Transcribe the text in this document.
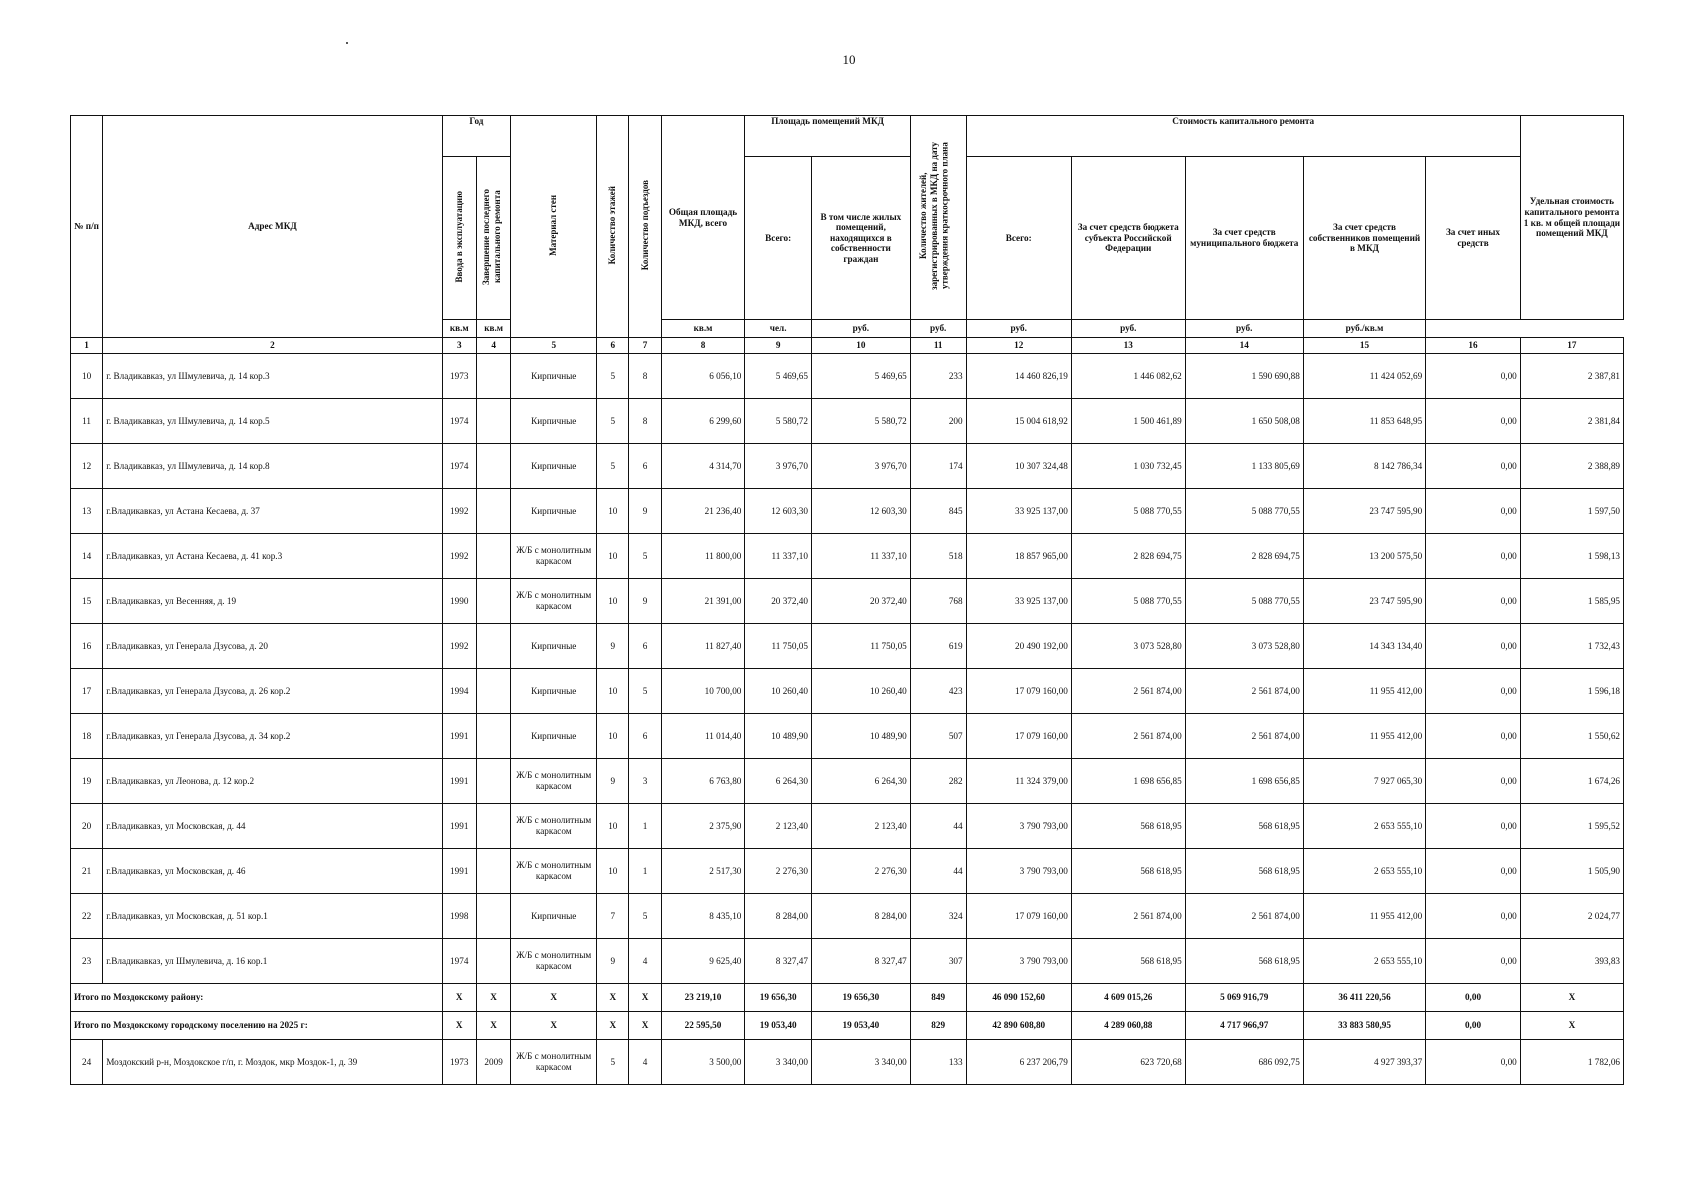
10
№ п/п	Адрес МКД	Год		Материал стен	Количество этажей	Количество подъездов	Общая площадь МКД, всего	Площадь помещений МКД		Количество жителей, зарегистрированных в МКД на дату утверждения краткосрочного плана	Стоимость капитального ремонта					Удельная стоимость капитального ремонта 1 кв. м общей площади помещений МКД
		Ввода в эксплуатацию	Завершение последнего капитального ремонта					Всего:	В том числе жилых помещений, находящихся в собственности граждан		Всего:	За счет средств бюджета субъекта Российской Федерации	За счет средств муниципального бюджета	За счет средств собственников помещений в МКД	За счет иных средств	
		кв.м	кв.м				кв.м	чел.	руб.	руб.	руб.	руб.	руб.	руб./кв.м		
1	2	3	4	5	6	7	8	9	10	11	12	13	14	15	16	17
10	г. Владикавказ, ул Шмулевича, д. 14 кор.3	1973		Кирпичные	5	8	6 056,10	5 469,65	5 469,65	233	14 460 826,19	1 446 082,62	1 590 690,88	11 424 052,69	0,00	2 387,81
11	г. Владикавказ, ул Шмулевича, д. 14 кор.5	1974		Кирпичные	5	8	6 299,60	5 580,72	5 580,72	200	15 004 618,92	1 500 461,89	1 650 508,08	11 853 648,95	0,00	2 381,84
12	г. Владикавказ, ул Шмулевича, д. 14 кор.8	1974		Кирпичные	5	6	4 314,70	3 976,70	3 976,70	174	10 307 324,48	1 030 732,45	1 133 805,69	8 142 786,34	0,00	2 388,89
13	г.Владикавказ, ул Астана Кесаева, д. 37	1992		Кирпичные	10	9	21 236,40	12 603,30	12 603,30	845	33 925 137,00	5 088 770,55	5 088 770,55	23 747 595,90	0,00	1 597,50
14	г.Владикавказ, ул Астана Кесаева, д. 41 кор.3	1992		Ж/Б с монолитным каркасом	10	5	11 800,00	11 337,10	11 337,10	518	18 857 965,00	2 828 694,75	2 828 694,75	13 200 575,50	0,00	1 598,13
15	г.Владикавказ, ул Весенняя, д. 19	1990		Ж/Б с монолитным каркасом	10	9	21 391,00	20 372,40	20 372,40	768	33 925 137,00	5 088 770,55	5 088 770,55	23 747 595,90	0,00	1 585,95
16	г.Владикавказ, ул Генерала Дзусова, д. 20	1992		Кирпичные	9	6	11 827,40	11 750,05	11 750,05	619	20 490 192,00	3 073 528,80	3 073 528,80	14 343 134,40	0,00	1 732,43
17	г.Владикавказ, ул Генерала Дзусова, д. 26 кор.2	1994		Кирпичные	10	5	10 700,00	10 260,40	10 260,40	423	17 079 160,00	2 561 874,00	2 561 874,00	11 955 412,00	0,00	1 596,18
18	г.Владикавказ, ул Генерала Дзусова, д. 34 кор.2	1991		Кирпичные	10	6	11 014,40	10 489,90	10 489,90	507	17 079 160,00	2 561 874,00	2 561 874,00	11 955 412,00	0,00	1 550,62
19	г.Владикавказ, ул Леонова, д. 12 кор.2	1991		Ж/Б с монолитным каркасом	9	3	6 763,80	6 264,30	6 264,30	282	11 324 379,00	1 698 656,85	1 698 656,85	7 927 065,30	0,00	1 674,26
20	г.Владикавказ, ул Московская, д. 44	1991		Ж/Б с монолитным каркасом	10	1	2 375,90	2 123,40	2 123,40	44	3 790 793,00	568 618,95	568 618,95	2 653 555,10	0,00	1 595,52
21	г.Владикавказ, ул Московская, д. 46	1991		Ж/Б с монолитным каркасом	10	1	2 517,30	2 276,30	2 276,30	44	3 790 793,00	568 618,95	568 618,95	2 653 555,10	0,00	1 505,90
22	г.Владикавказ, ул Московская, д. 51 кор.1	1998		Кирпичные	7	5	8 435,10	8 284,00	8 284,00	324	17 079 160,00	2 561 874,00	2 561 874,00	11 955 412,00	0,00	2 024,77
23	г.Владикавказ, ул Шмулевича, д. 16 кор.1	1974		Ж/Б с монолитным каркасом	9	4	9 625,40	8 327,47	8 327,47	307	3 790 793,00	568 618,95	568 618,95	2 653 555,10	0,00	393,83
Итого по Моздокскому району:		X	X	X	X	X	23 219,10	19 656,30	19 656,30	849	46 090 152,60	4 609 015,26	5 069 916,79	36 411 220,56	0,00	X
Итого по Моздокскому городскому поселению на 2025 г:		X	X	X	X	X	22 595,50	19 053,40	19 053,40	829	42 890 608,80	4 289 060,88	4 717 966,97	33 883 580,95	0,00	X
24	Моздокский р-н, Моздокское г/п, г. Моздок, мкр Моздок-1, д. 39	1973	2009	Ж/Б с монолитным каркасом	5	4	3 500,00	3 340,00	3 340,00	133	6 237 206,79	623 720,68	686 092,75	4 927 393,37	0,00	1 782,06
